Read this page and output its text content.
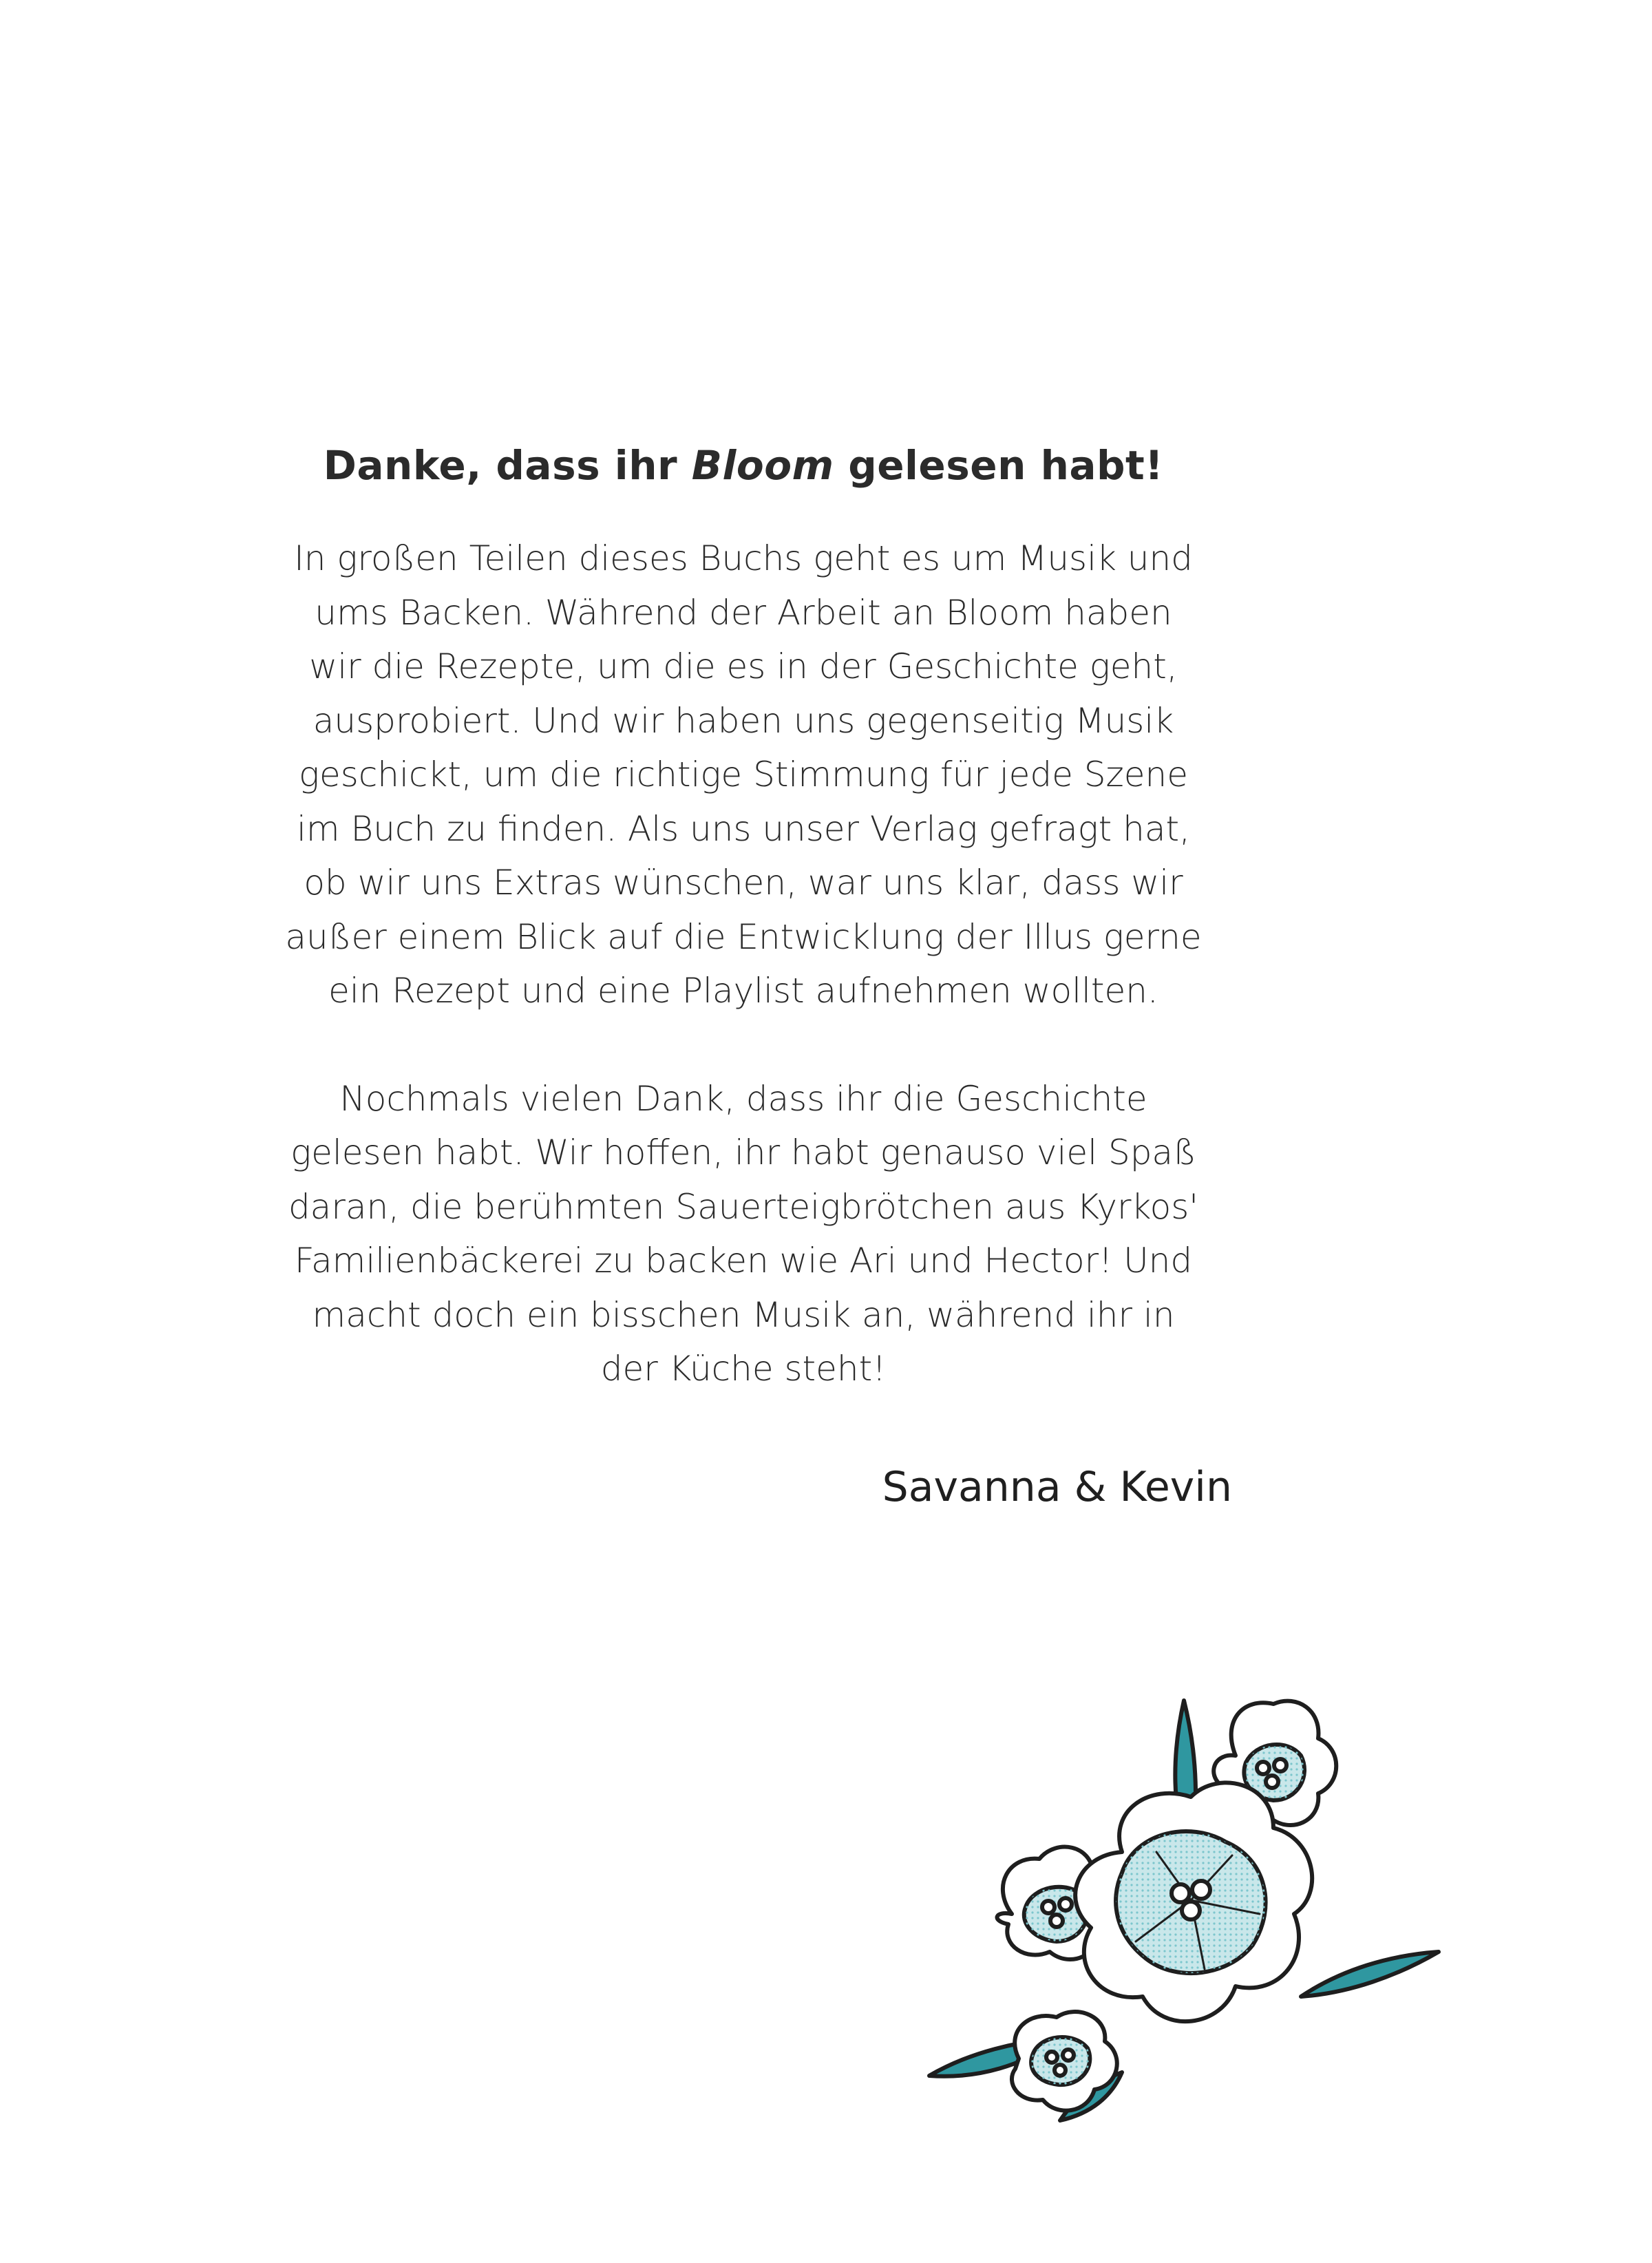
Danke, dass ihr Bloom gelesen habt!

In großen Teilen dieses Buchs geht es um Musik und
ums Backen. Während der Arbeit an Bloom haben
wir die Rezepte, um die es in der Geschichte geht,
ausprobiert. Und wir haben uns gegenseitig Musik
geschickt, um die richtige Stimmung für jede Szene
im Buch zu finden. Als uns unser Verlag gefragt hat,
ob wir uns Extras wünschen, war uns klar, dass wir
außer einem Blick auf die Entwicklung der Illus gerne
ein Rezept und eine Playlist aufnehmen wollten.

Nochmals vielen Dank, dass ihr die Geschichte
gelesen habt. Wir hoffen, ihr habt genauso viel Spaß
daran, die berühmten Sauerteigbrötchen aus Kyrkos'
Familienbäckerei zu backen wie Ari und Hector! Und
macht doch ein bisschen Musik an, während ihr in
der Küche steht!

Savanna & Kevin
